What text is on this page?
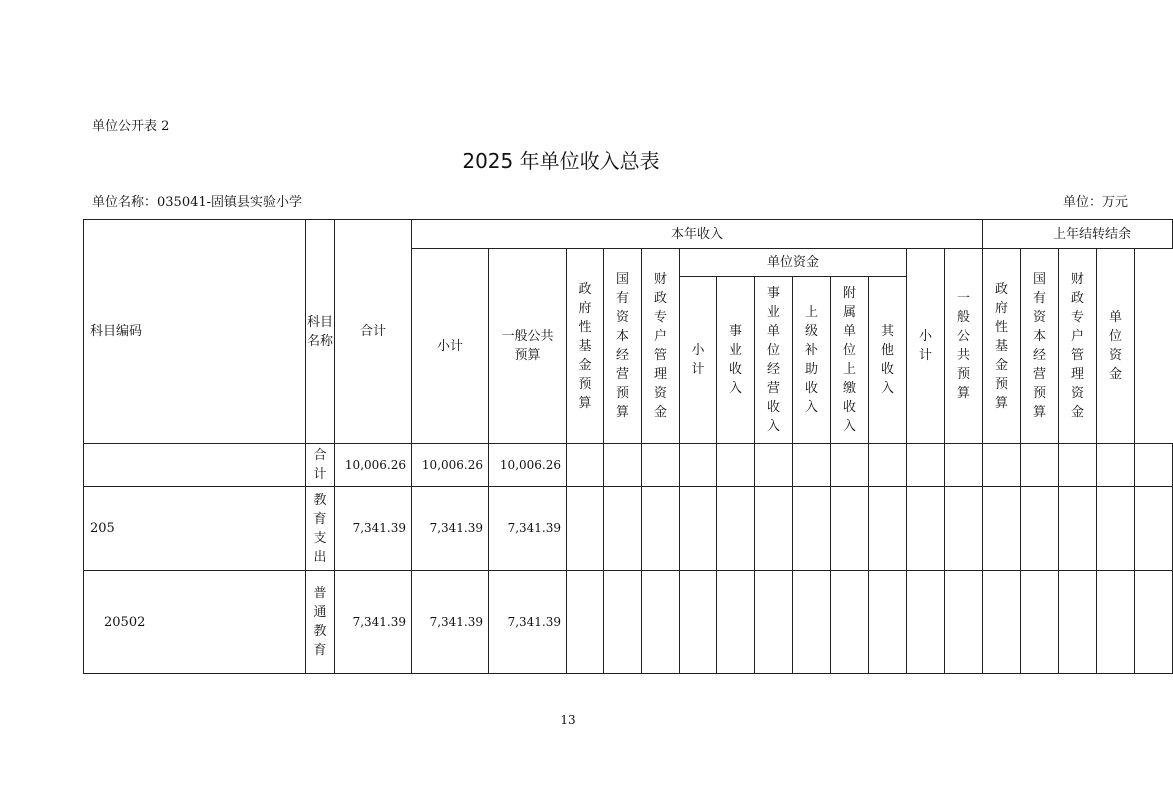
单位公开表 2
2025 年单位收入总表
单位名称：035041-固镇县实验小学	单位：万元
科目编码	科目名称	合计	本年收入													上年结转结余				
			小计	一般公共预算	政府性基金预算	国有资本经营预算	财政专户管理资金	单位资金						小计	一般公共预算	政府性基金预算	国有资本经营预算	财政专户管理资金	单位资金	
								小计	事业收入	事业单位经营收入	上级补助收入	附属单位上缴收入	其他收入							
	合计	10,006.26	10,006.26	10,006.26																
205	教育支出	7,341.39	7,341.39	7,341.39																
20502	普通教育	7,341.39	7,341.39	7,341.39																
13
